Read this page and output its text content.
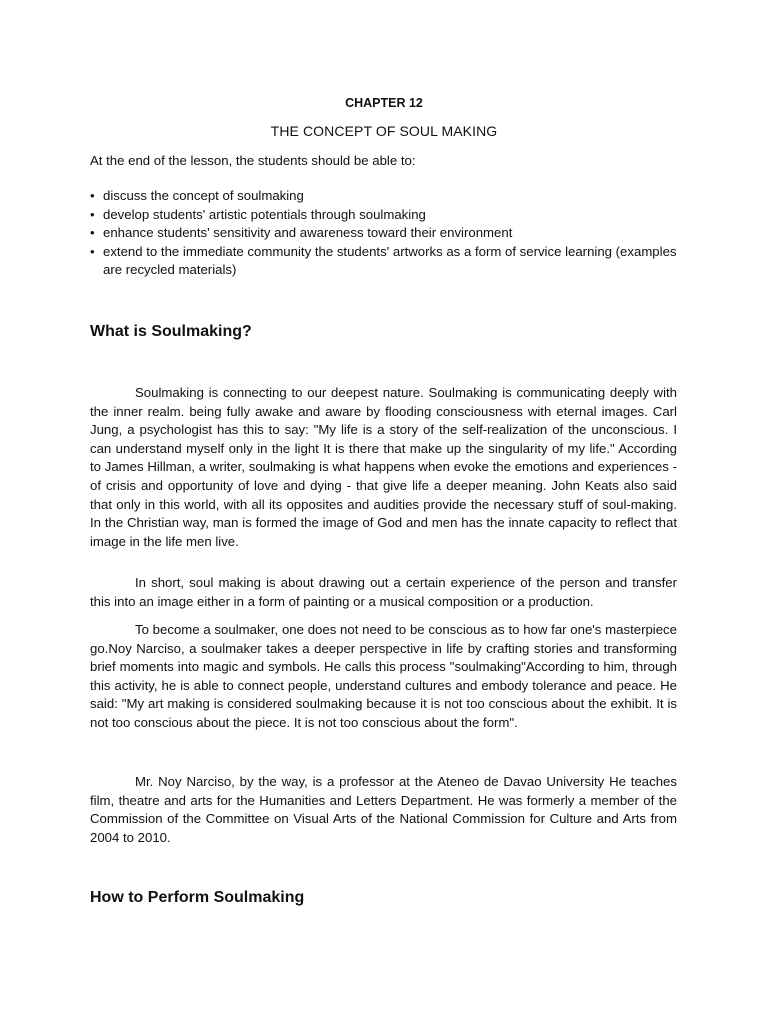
CHAPTER 12
THE CONCEPT OF SOUL MAKING
At the end of the lesson, the students should be able to:
• discuss the concept of soulmaking
• develop students' artistic potentials through soulmaking
• enhance students' sensitivity and awareness toward their environment
• extend to the immediate community the students' artworks as a form of service learning (examples are recycled materials)
What is Soulmaking?

Soulmaking is connecting to our deepest nature. Soulmaking is communicating deeply with the inner realm. being fully awake and aware by flooding consciousness with eternal images. Carl Jung, a psychologist has this to say: "My life is a story of the self-realization of the unconscious. I can understand myself only in the light It is there that make up the singularity of my life." According to James Hillman, a writer, soulmaking is what happens when evoke the emotions and experiences - of crisis and opportunity of love and dying - that give life a deeper meaning. John Keats also said that only in this world, with all its opposites and audities provide the necessary stuff of soul-making. In the Christian way, man is formed the image of God and men has the innate capacity to reflect that image in the life men live.

In short, soul making is about drawing out a certain experience of the person and transfer this into an image either in a form of painting or a musical composition or a production.

To become a soulmaker, one does not need to be conscious as to how far one's masterpiece go.Noy Narciso, a soulmaker takes a deeper perspective in life by crafting stories and transforming brief moments into magic and symbols. He calls this process "soulmaking"According to him, through this activity, he is able to connect people, understand cultures and embody tolerance and peace. He said: "My art making is considered soulmaking because it is not too conscious about the exhibit. It is not too conscious about the piece. It is not too conscious about the form".

Mr. Noy Narciso, by the way, is a professor at the Ateneo de Davao University He teaches film, theatre and arts for the Humanities and Letters Department. He was formerly a member of the Commission of the Committee on Visual Arts of the National Commission for Culture and Arts from 2004 to 2010.

How to Perform Soulmaking
